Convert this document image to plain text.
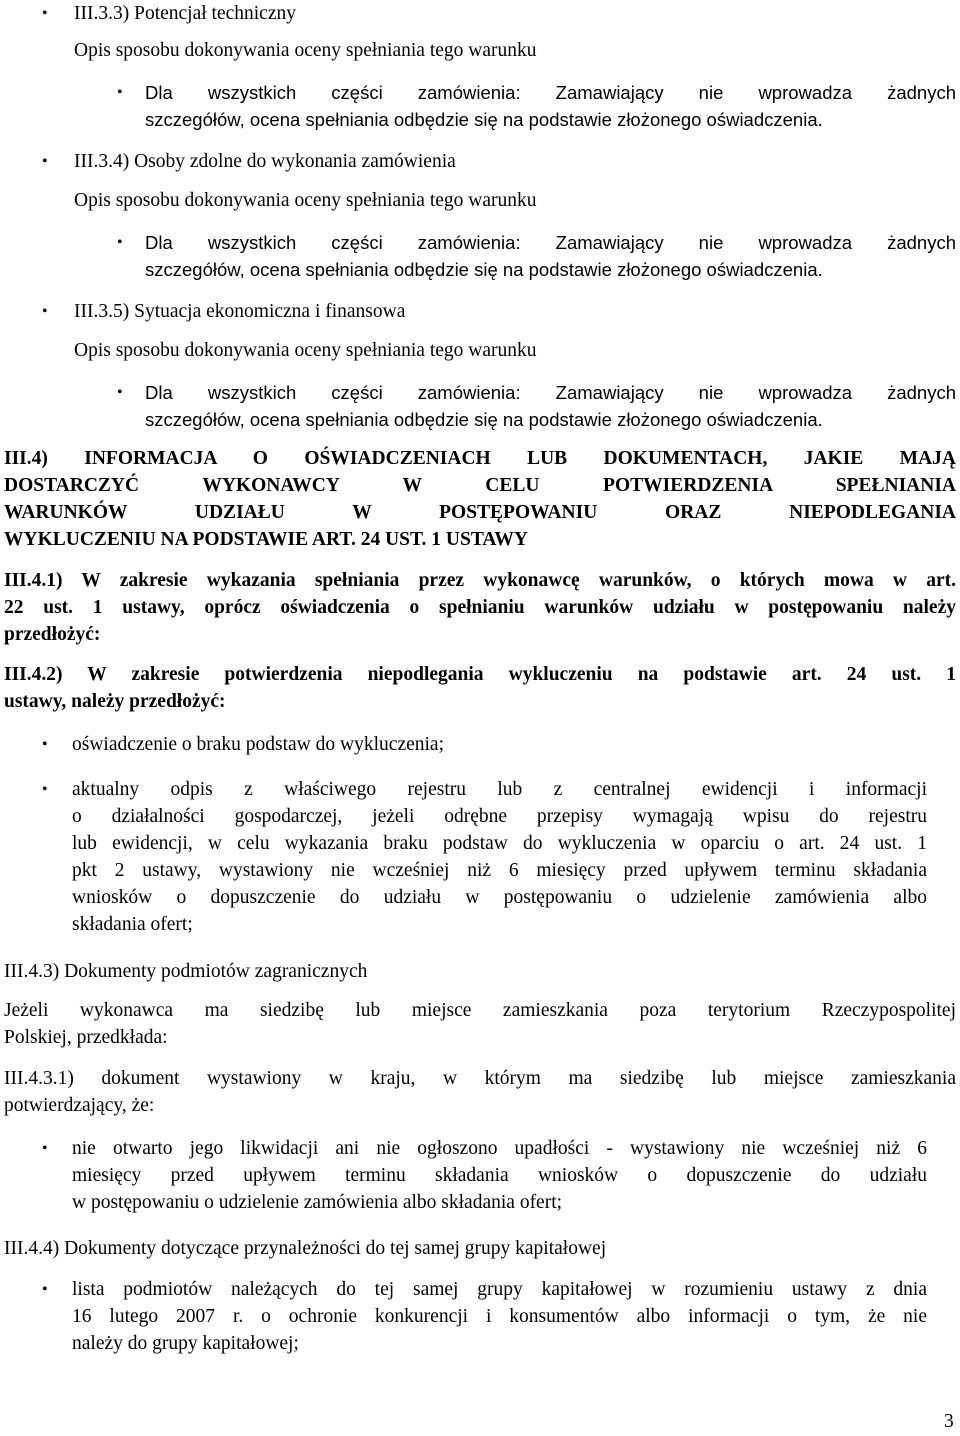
• III.3.3) Potencjał techniczny
Opis sposobu dokonywania oceny spełniania tego warunku
• Dla wszystkich części zamówienia: Zamawiający nie wprowadza żadnych
szczegółów, ocena spełniania odbędzie się na podstawie złożonego oświadczenia.
• III.3.4) Osoby zdolne do wykonania zamówienia
Opis sposobu dokonywania oceny spełniania tego warunku
• Dla wszystkich części zamówienia: Zamawiający nie wprowadza żadnych
szczegółów, ocena spełniania odbędzie się na podstawie złożonego oświadczenia.
• III.3.5) Sytuacja ekonomiczna i finansowa
Opis sposobu dokonywania oceny spełniania tego warunku
• Dla wszystkich części zamówienia: Zamawiający nie wprowadza żadnych
szczegółów, ocena spełniania odbędzie się na podstawie złożonego oświadczenia.
III.4) INFORMACJA O OŚWIADCZENIACH LUB DOKUMENTACH, JAKIE MAJĄ
DOSTARCZYĆ WYKONAWCY W CELU POTWIERDZENIA SPEŁNIANIA
WARUNKÓW UDZIAŁU W POSTĘPOWANIU ORAZ NIEPODLEGANIA
WYKLUCZENIU NA PODSTAWIE ART. 24 UST. 1 USTAWY
III.4.1) W zakresie wykazania spełniania przez wykonawcę warunków, o których mowa w art.
22 ust. 1 ustawy, oprócz oświadczenia o spełnianiu warunków udziału w postępowaniu należy
przedłożyć:
III.4.2) W zakresie potwierdzenia niepodlegania wykluczeniu na podstawie art. 24 ust. 1
ustawy, należy przedłożyć:
• oświadczenie o braku podstaw do wykluczenia;
• aktualny odpis z właściwego rejestru lub z centralnej ewidencji i informacji
o działalności gospodarczej, jeżeli odrębne przepisy wymagają wpisu do rejestru
lub ewidencji, w celu wykazania braku podstaw do wykluczenia w oparciu o art. 24 ust. 1
pkt 2 ustawy, wystawiony nie wcześniej niż 6 miesięcy przed upływem terminu składania
wniosków o dopuszczenie do udziału w postępowaniu o udzielenie zamówienia albo
składania ofert;
III.4.3) Dokumenty podmiotów zagranicznych
Jeżeli wykonawca ma siedzibę lub miejsce zamieszkania poza terytorium Rzeczypospolitej
Polskiej, przedkłada:
III.4.3.1) dokument wystawiony w kraju, w którym ma siedzibę lub miejsce zamieszkania
potwierdzający, że:
• nie otwarto jego likwidacji ani nie ogłoszono upadłości - wystawiony nie wcześniej niż 6
miesięcy przed upływem terminu składania wniosków o dopuszczenie do udziału
w postępowaniu o udzielenie zamówienia albo składania ofert;
III.4.4) Dokumenty dotyczące przynależności do tej samej grupy kapitałowej
• lista podmiotów należących do tej samej grupy kapitałowej w rozumieniu ustawy z dnia
16 lutego 2007 r. o ochronie konkurencji i konsumentów albo informacji o tym, że nie
należy do grupy kapitałowej;
3
